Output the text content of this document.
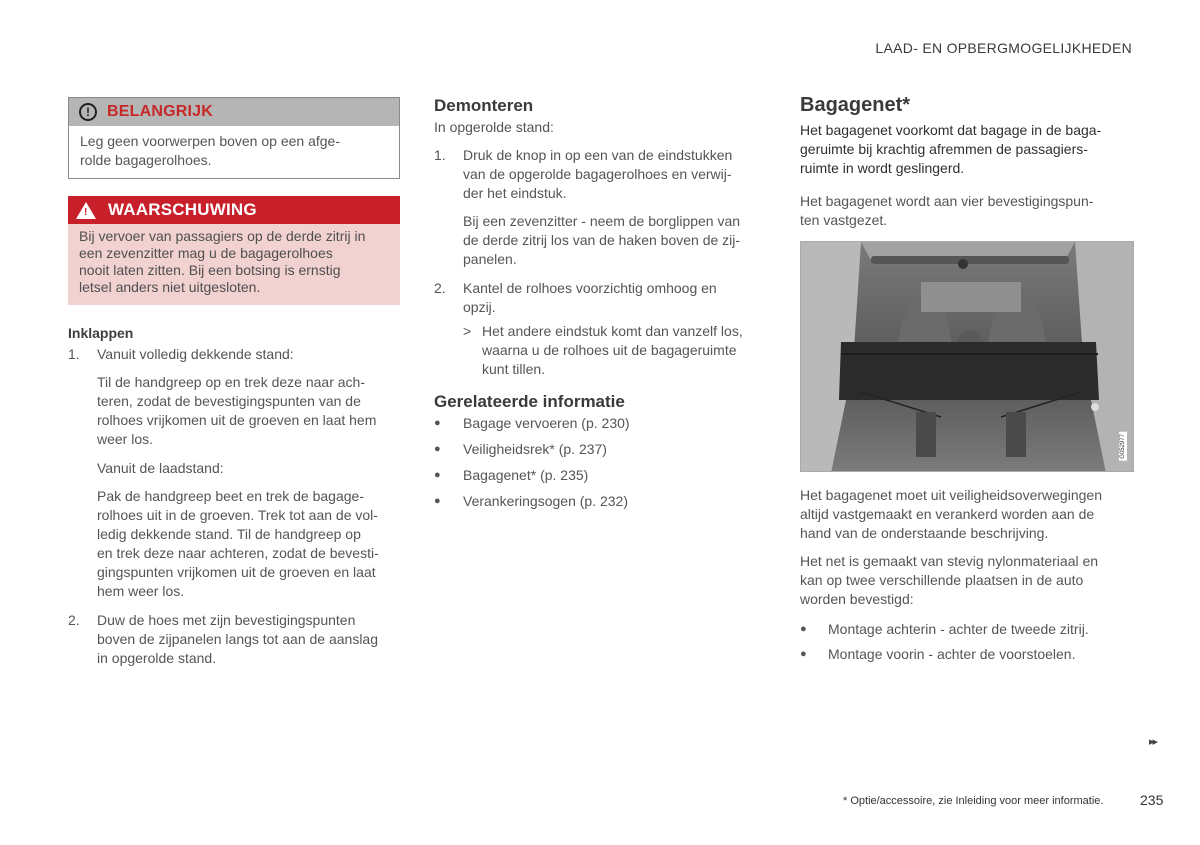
LAAD- EN OPBERGMOGELIJKHEDEN
!	BELANGRIJK
Leg geen voorwerpen boven op een afge-
rolde bagagerolhoes.
! WAARSCHUWING
Bij vervoer van passagiers op de derde zitrij in
een zevenzitter mag u de bagagerolhoes
nooit laten zitten. Bij een botsing is ernstig
letsel anders niet uitgesloten.
Inklappen
1.	Vanuit volledig dekkende stand:
Til de handgreep op en trek deze naar ach-
teren, zodat de bevestigingspunten van de
rolhoes vrijkomen uit de groeven en laat hem
weer los.
Vanuit de laadstand:
Pak de handgreep beet en trek de bagage-
rolhoes uit in de groeven. Trek tot aan de vol-
ledig dekkende stand. Til de handgreep op
en trek deze naar achteren, zodat de bevesti-
gingspunten vrijkomen uit de groeven en laat
hem weer los.
2. Duw de hoes met zijn bevestigingspunten
boven de zijpanelen langs tot aan de aanslag
in opgerolde stand.
Demonteren
In opgerolde stand:
1. Druk de knop in op een van de eindstukken
van de opgerolde bagagerolhoes en verwij-
der het eindstuk.
Bij een zevenzitter - neem de borglippen van
de derde zitrij los van de haken boven de zij-
panelen.
2. Kantel de rolhoes voorzichtig omhoog en
opzij.
> Het andere eindstuk komt dan vanzelf los,
waarna u de rolhoes uit de bagageruimte
kunt tillen.
Gerelateerde informatie
●	Bagage vervoeren (p. 230)
●	Veiligheidsrek* (p. 237)
●	Bagagenet* (p. 235)
●	Verankeringsogen (p. 232)
Bagagenet*
Het bagagenet voorkomt dat bagage in de baga-
geruimte bij krachtig afremmen de passagiers-
ruimte in wordt geslingerd.
Het bagagenet wordt aan vier bevestigingspun-
ten vastgezet.
G052977
Het bagagenet moet uit veiligheidsoverwegingen
altijd vastgemaakt en verankerd worden aan de
hand van de onderstaande beschrijving.
Het net is gemaakt van stevig nylonmateriaal en
kan op twee verschillende plaatsen in de auto
worden bevestigd:
●	Montage achterin - achter de tweede zitrij.
●	Montage voorin - achter de voorstoelen.
▸▸
* Optie/accessoire, zie Inleiding voor meer informatie.	235
